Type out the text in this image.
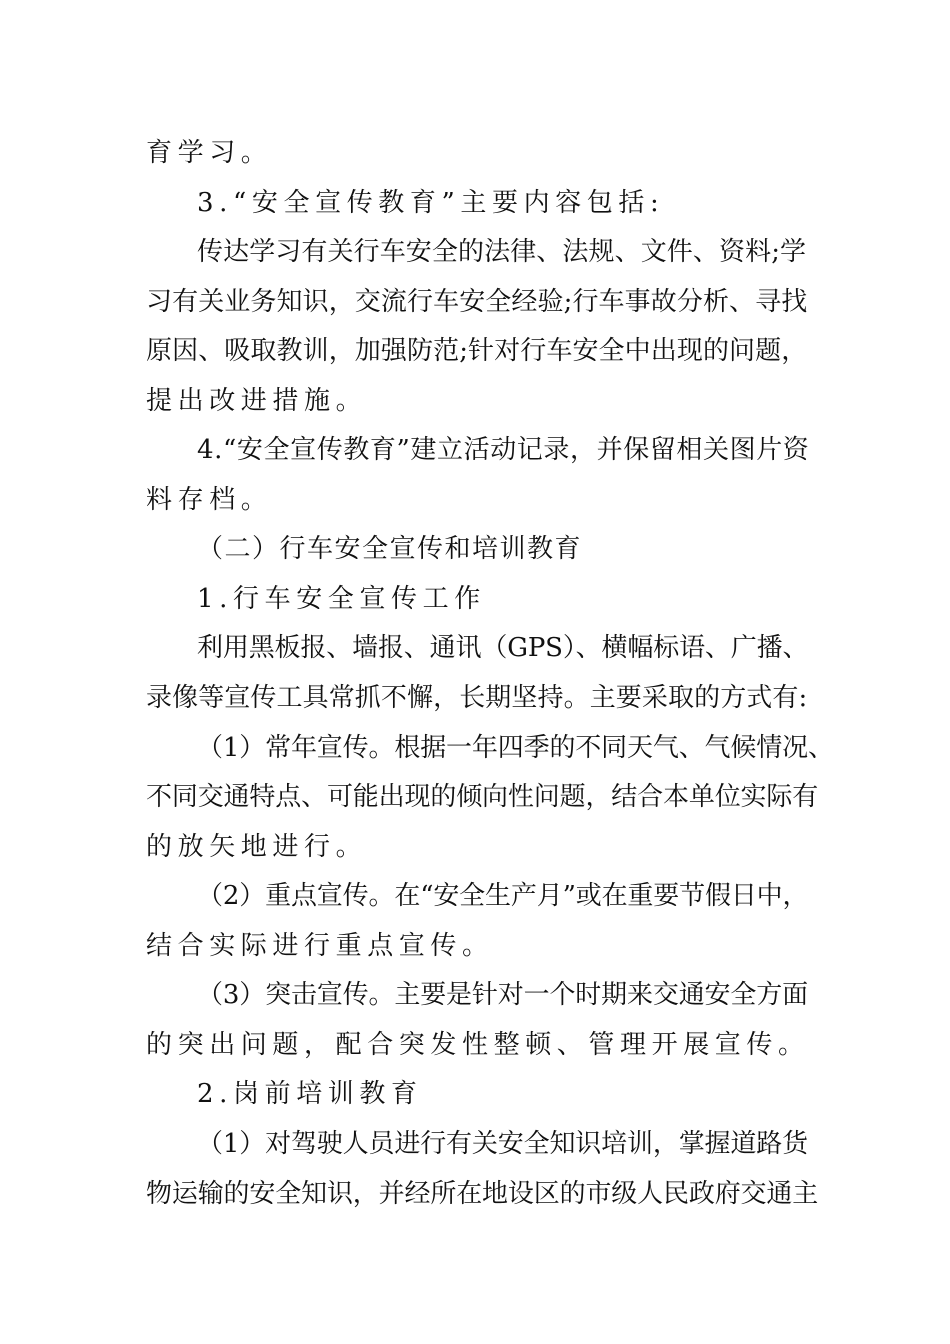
育学习。
3.“安全宣传教育”主要内容包括:
传达学习有关行车安全的法律、法规、文件、资料;学
习有关业务知识，交流行车安全经验;行车事故分析、寻找
原因、吸取教训，加强防范;针对行车安全中出现的问题，
提出改进措施。
4.“安全宣传教育”建立活动记录，并保留相关图片资
料存档。
（二）行车安全宣传和培训教育
1.行车安全宣传工作
利用黑板报、墙报、通讯（GPS）、横幅标语、广播、
录像等宣传工具常抓不懈，长期坚持。主要采取的方式有:
（1）常年宣传。根据一年四季的不同天气、气候情况、
不同交通特点、可能出现的倾向性问题，结合本单位实际有
的放矢地进行。
（2）重点宣传。在“安全生产月”或在重要节假日中，
结合实际进行重点宣传。
（3）突击宣传。主要是针对一个时期来交通安全方面
的突出问题，配合突发性整顿、管理开展宣传。
2.岗前培训教育
（1）对驾驶人员进行有关安全知识培训，掌握道路货
物运输的安全知识，并经所在地设区的市级人民政府交通主
